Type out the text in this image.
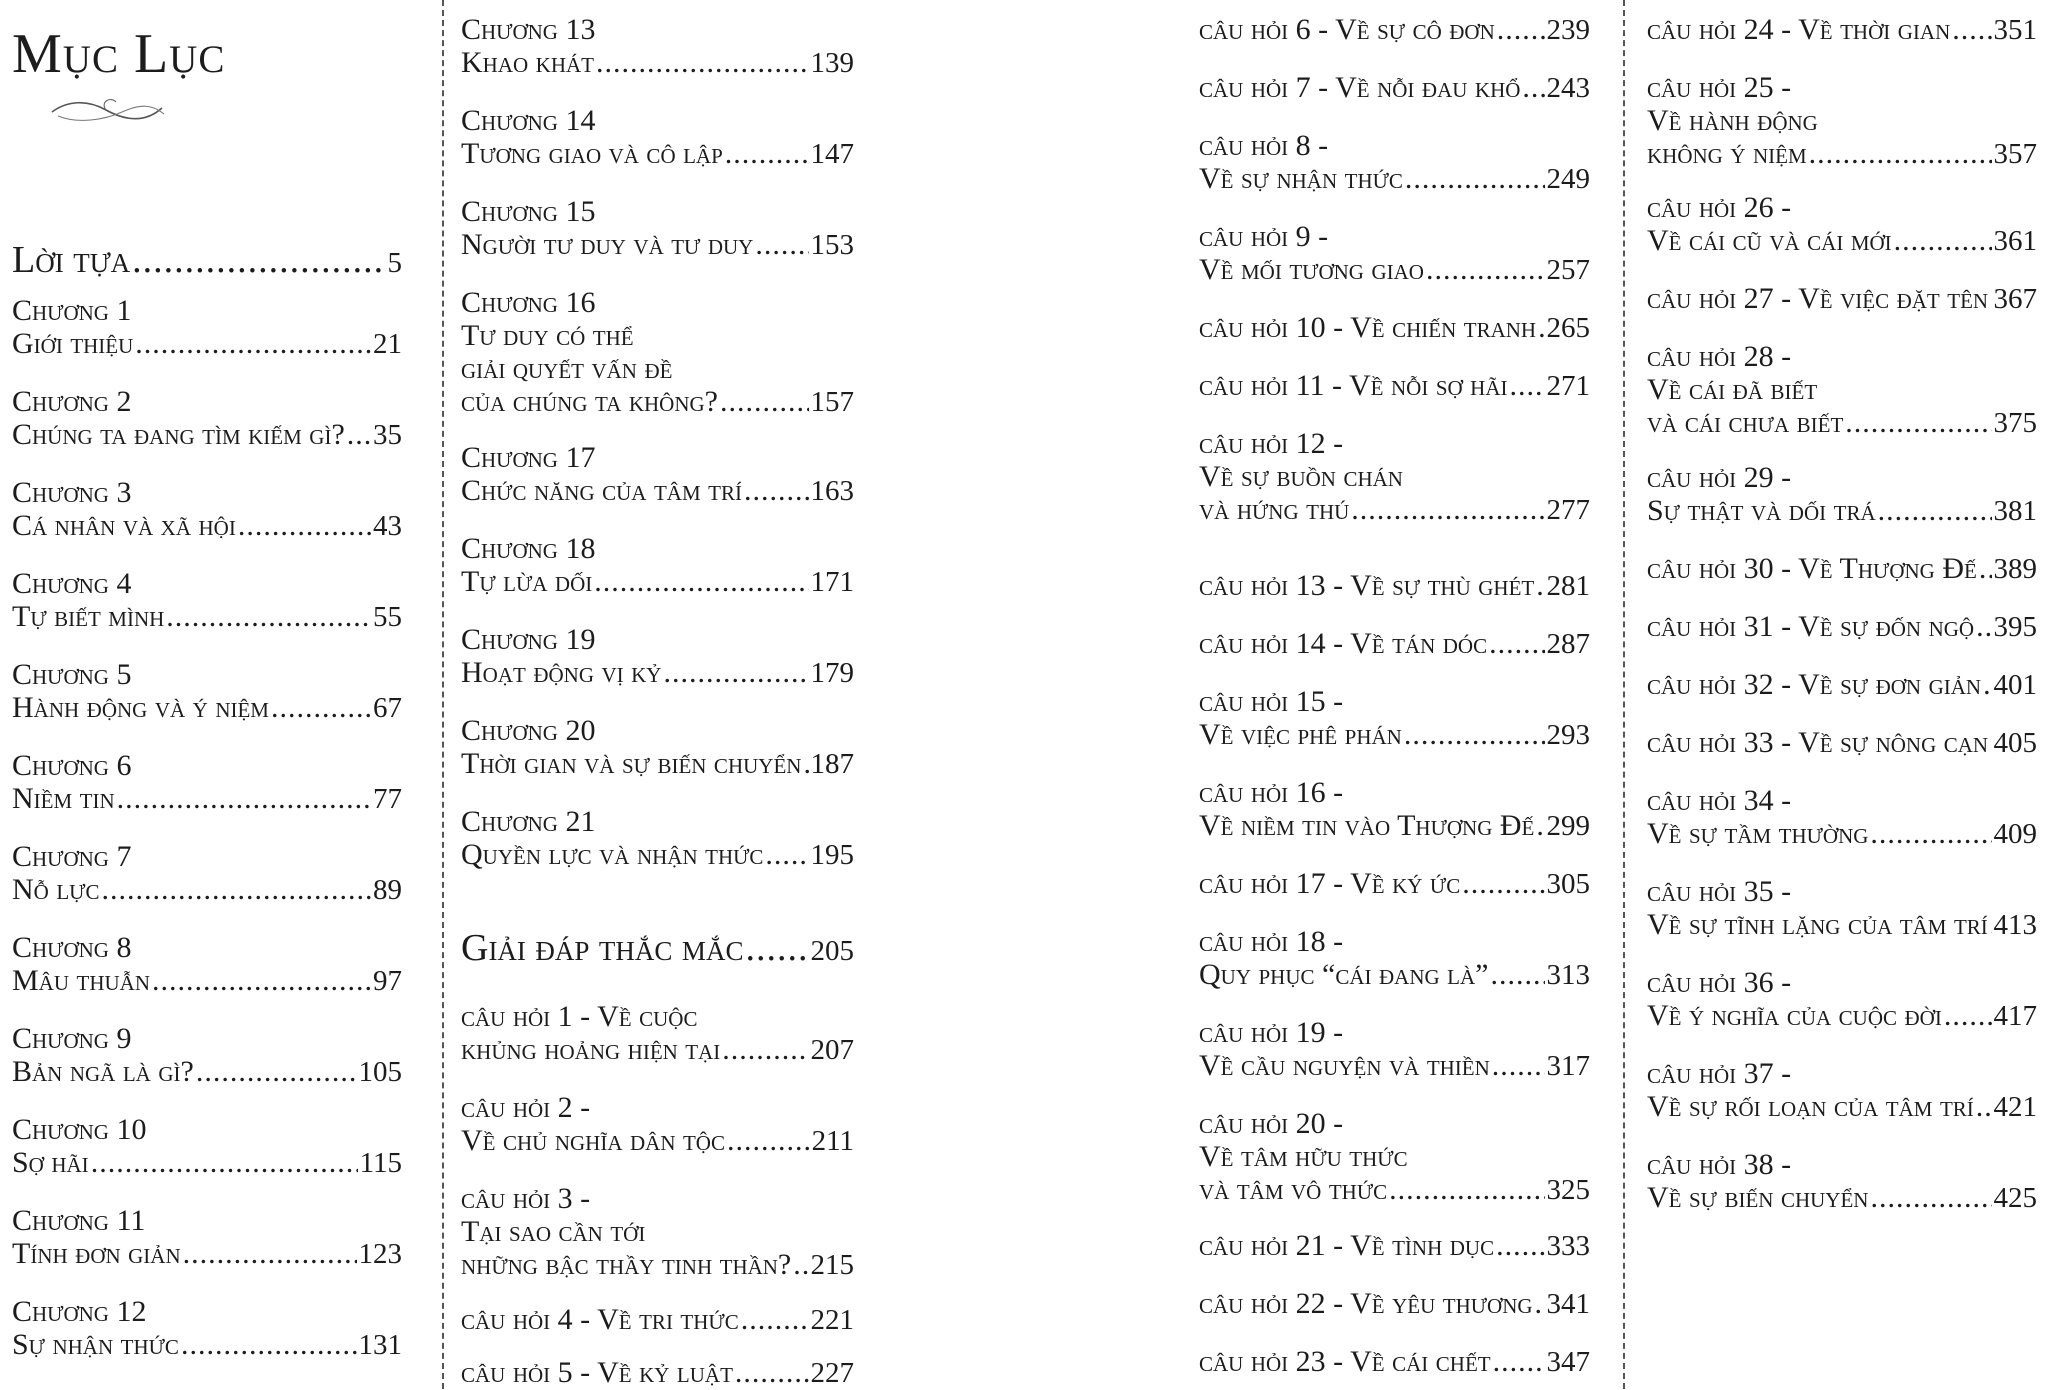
Mục Lục
Lời tựa .....	5
Chương 1
Giới thiệu .....	21
Chương 2
Chúng ta đang tìm kiếm gì? ..... 35
Chương 3
Cá nhân và xã hội .....	43
Chương 4
Tự biết mình .....	55
Chương 5
Hành động và ý niệm .....	67
Chương 6
Niềm tin .....	77
Chương 7
Nỗ lực .....	89
Chương 8
Mâu thuẫn .....	97
Chương 9
Bản ngã là gì? .....	105
Chương 10
Sợ hãi .....	115
Chương 11
Tính đơn giản .....	123
Chương 12
Sự nhận thức .....	131
Chương 13
Khao khát .....	139
Chương 14
Tương giao và cô lập .....	147
Chương 15
Người tư duy và tư duy ..... 153
Chương 16
Tư duy có thể
giải quyết vấn đề
của chúng ta không? .....	157
Chương 17
Chức năng của tâm trí ..... 163
Chương 18
Tự lừa dối .....	171
Chương 19
Hoạt động vị kỷ .....	179
Chương 20
Thời gian và sự biến chuyển ..... 187
Chương 21
Quyền lực và nhận thức ..... 195
Giải đáp thắc mắc ..... 205
câu hỏi 1 - Về cuộc
khủng hoảng hiện tại .....	207
câu hỏi 2 -
Về chủ nghĩa dân tộc .....	211
câu hỏi 3 -
Tại sao cần tới
những bậc thầy tinh thần? ..... 215
câu hỏi 4 - Về tri thức ..... 221
câu hỏi 5 - Về kỷ luật .....	227
câu hỏi 6 - Về sự cô đơn ..... 239
câu hỏi 7 - Về nỗi đau khổ ..... 243
câu hỏi 8 -
Về sự nhận thức .....	249
câu hỏi 9 -
Về mối tương giao .....	257
câu hỏi 10 - Về chiến tranh ..... 265
câu hỏi 11 - Về nỗi sợ hãi ..... 271
câu hỏi 12 -
Về sự buồn chán
và hứng thú .....	277
câu hỏi 13 - Về sự thù ghét ..... 281
câu hỏi 14 - Về tán dóc ..... 287
câu hỏi 15 -
Về việc phê phán .....	293
câu hỏi 16 -
Về niềm tin vào Thượng Đế ..... 299
câu hỏi 17 - Về ký ức .....	305
câu hỏi 18 -
Quy phục “cái đang là” ..... 313
câu hỏi 19 -
Về cầu nguyện và thiền ..... 317
câu hỏi 20 -
Về tâm hữu thức
và tâm vô thức .....	325
câu hỏi 21 - Về tình dục ..... 333
câu hỏi 22 - Về yêu thương ..... 341
câu hỏi 23 - Về cái chết ..... 347
câu hỏi 24 - Về thời gian ..... 351
câu hỏi 25 -
Về hành động
không ý niệm .....	357
câu hỏi 26 -
Về cái cũ và cái mới .....	361
câu hỏi 27 - Về việc đặt tên ..... 367
câu hỏi 28 -
Về cái đã biết
và cái chưa biết .....	375
câu hỏi 29 -
Sự thật và dối trá .....	381
câu hỏi 30 - Về Thượng Đế ..... 389
câu hỏi 31 - Về sự đốn ngộ ..... 395
câu hỏi 32 - Về sự đơn giản ..... 401
câu hỏi 33 - Về sự nông cạn ..... 405
câu hỏi 34 -
Về sự tầm thường .....	409
câu hỏi 35 -
Về sự tĩnh lặng của tâm trí ..... 413
câu hỏi 36 -
Về ý nghĩa của cuộc đời ..... 417
câu hỏi 37 -
Về sự rối loạn của tâm trí ..... 421
câu hỏi 38 -
Về sự biến chuyển .....	425
